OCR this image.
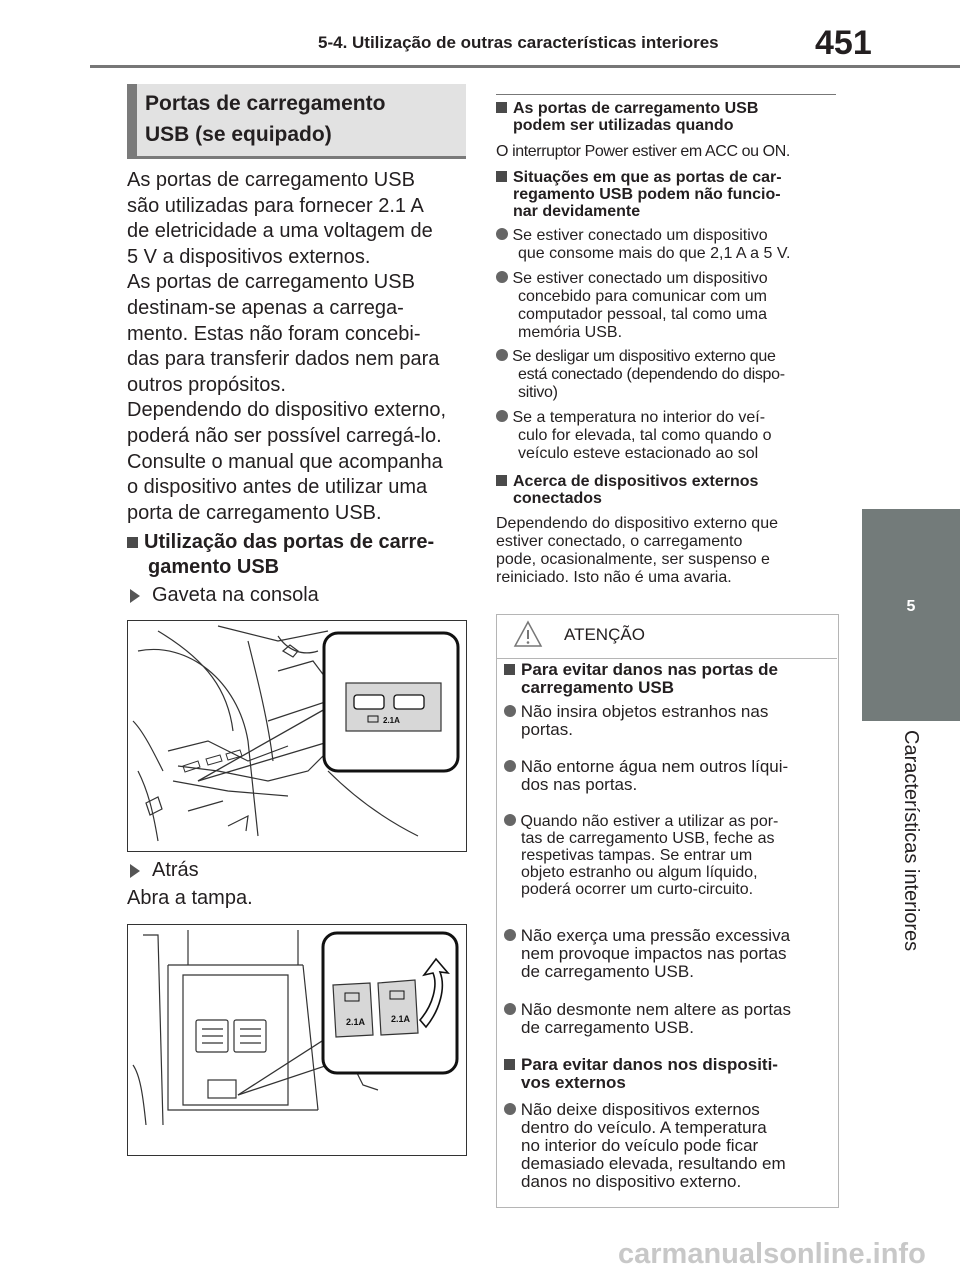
5-4. Utilização de outras características interiores	451
5
Características interiores
Portas de carregamento
USB (se equipado)
As portas de carregamento USB
são utilizadas para fornecer 2.1 A
de eletricidade a uma voltagem de
5 V a dispositivos externos.
As portas de carregamento USB
destinam-se apenas a carrega-
mento. Estas não foram concebi-
das para transferir dados nem para
outros propósitos.
Dependendo do dispositivo externo,
poderá não ser possível carregá-lo.
Consulte o manual que acompanha
o dispositivo antes de utilizar uma
porta de carregamento USB.
Utilização das portas de carre-
gamento USB
Gaveta na consola
2.1A
Atrás
Abra a tampa.
2.1A	2.1A
As portas de carregamento USB
podem ser utilizadas quando
O interruptor Power estiver em ACC ou ON.
Situações em que as portas de car-
regamento USB podem não funcio-
nar devidamente
Se estiver conectado um dispositivo
que consome mais do que 2,1 A a 5 V.
Se estiver conectado um dispositivo
concebido para comunicar com um
computador pessoal, tal como uma
memória USB.
Se desligar um dispositivo externo que
está conectado (dependendo do dispo-
sitivo)
Se a temperatura no interior do veí-
culo for elevada, tal como quando o
veículo esteve estacionado ao sol
Acerca de dispositivos externos
conectados
Dependendo do dispositivo externo que
estiver conectado, o carregamento
pode, ocasionalmente, ser suspenso e
reiniciado. Isto não é uma avaria.
ATENÇÃO
Para evitar danos nas portas de
carregamento USB
Não insira objetos estranhos nas
portas.
Não entorne água nem outros líqui-
dos nas portas.
Quando não estiver a utilizar as por-
tas de carregamento USB, feche as
respetivas tampas. Se entrar um
objeto estranho ou algum líquido,
poderá ocorrer um curto-circuito.
Não exerça uma pressão excessiva
nem provoque impactos nas portas
de carregamento USB.
Não desmonte nem altere as portas
de carregamento USB.
Para evitar danos nos dispositi-
vos externos
Não deixe dispositivos externos
dentro do veículo. A temperatura
no interior do veículo pode ficar
demasiado elevada, resultando em
danos no dispositivo externo.
carmanualsonline.info
